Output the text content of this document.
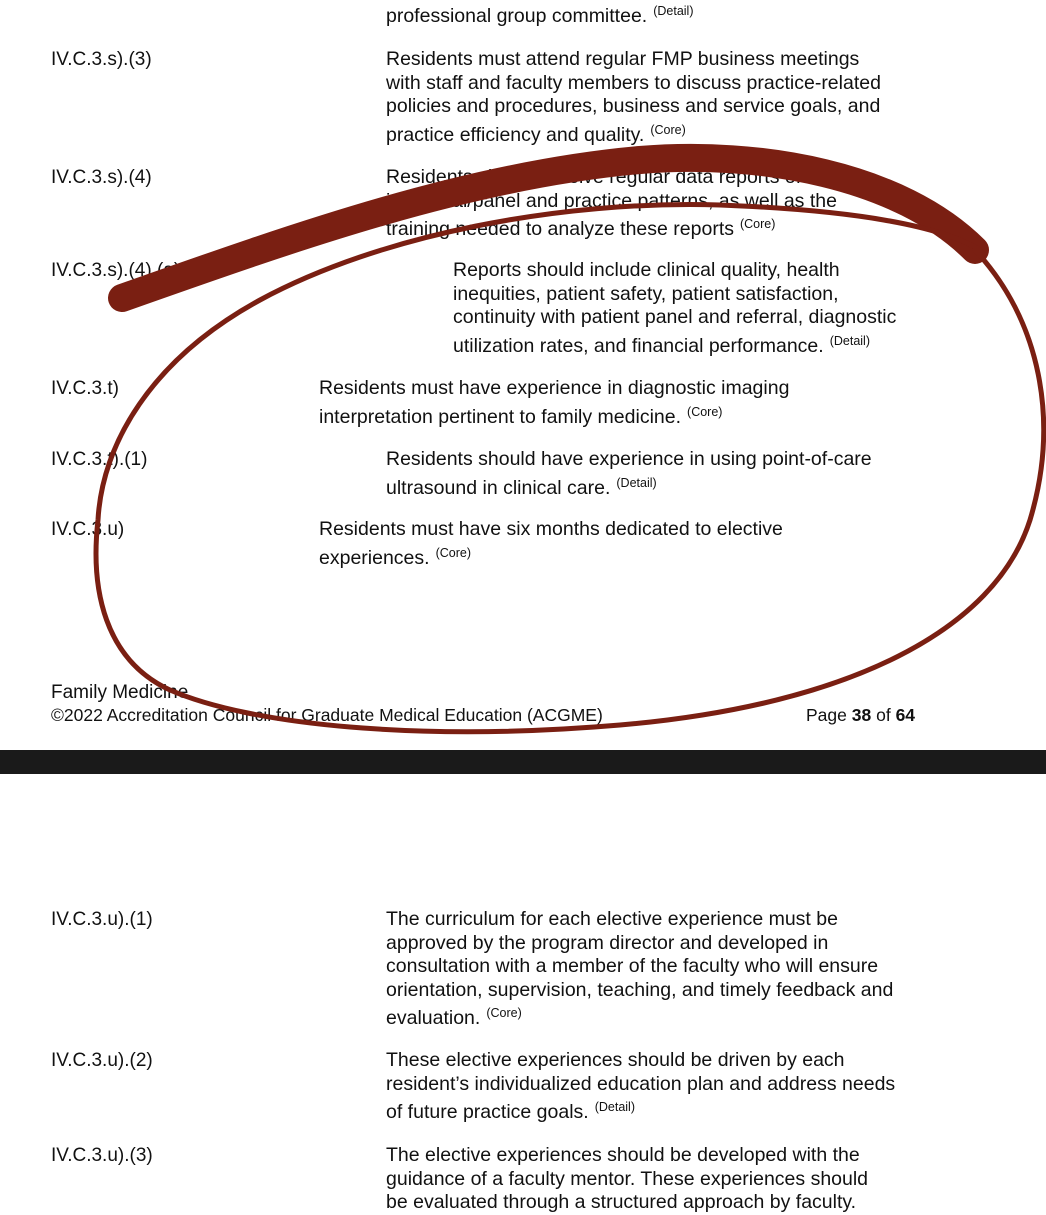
professional group committee. $^{(Detail)}$
IV.C.3.s).(3)	Residents must attend regular FMP business meetings
with staff and faculty members to discuss practice-related
policies and procedures, business and service goals, and
practice efficiency and quality. $^{(Core)}$
IV.C.3.s).(4)	Residents should receive regular data reports of
individual/panel and practice patterns, as well as the
training needed to analyze these reports $^{(Core)}$
IV.C.3.s).(4).(a)	Reports should include clinical quality, health
inequities, patient safety, patient satisfaction,
continuity with patient panel and referral, diagnostic
utilization rates, and financial performance. $^{(Detail)}$
IV.C.3.t)	Residents must have experience in diagnostic imaging
interpretation pertinent to family medicine. $^{(Core)}$
IV.C.3.t).(1)	Residents should have experience in using point-of-care
ultrasound in clinical care. $^{(Detail)}$
IV.C.3.u)	Residents must have six months dedicated to elective
experiences. $^{(Core)}$
Family Medicine
©2022 Accreditation Council for Graduate Medical Education (ACGME)	Page 38 of 64
IV.C.3.u).(1)	The curriculum for each elective experience must be
approved by the program director and developed in
consultation with a member of the faculty who will ensure
orientation, supervision, teaching, and timely feedback and
evaluation. $^{(Core)}$
IV.C.3.u).(2)	These elective experiences should be driven by each
resident’s individualized education plan and address needs
of future practice goals. $^{(Detail)}$
IV.C.3.u).(3)	The elective experiences should be developed with the
guidance of a faculty mentor. These experiences should
be evaluated through a structured approach by faculty.
